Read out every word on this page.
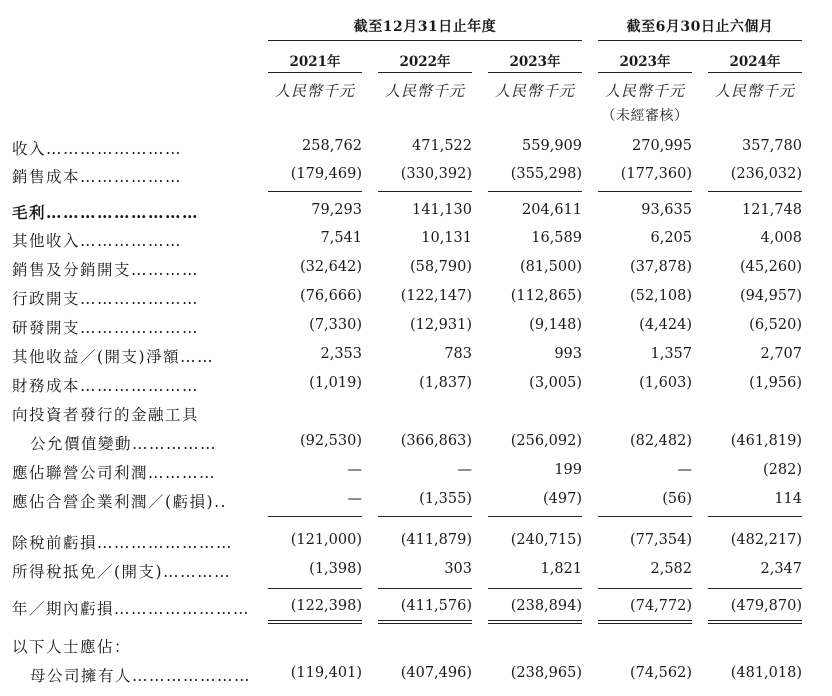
截至12月31日止年度	截至6月30日止六個月
2021年	2022年	2023年	2023年	2024年
人民幣千元	人民幣千元	人民幣千元	人民幣千元	人民幣千元
（未經審核）
收入……………………	258,762	471,522	559,909	270,995	357,780
銷售成本………………	(179,469)	(330,392)	(355,298)	(177,360)	(236,032)
毛利………………………	79,293	141,130	204,611	93,635	121,748
其他收入………………	7,541	10,131	16,589	6,205	4,008
銷售及分銷開支…………	(32,642)	(58,790)	(81,500)	(37,878)	(45,260)
行政開支…………………	(76,666)	(122,147)	(112,865)	(52,108)	(94,957)
研發開支…………………	(7,330)	(12,931)	(9,148)	(4,424)	(6,520)
其他收益／(開支)淨額……	2,353	783	993	1,357	2,707
財務成本…………………	(1,019)	(1,837)	(3,005)	(1,603)	(1,956)
向投資者發行的金融工具
公允價值變動……………	(92,530)	(366,863)	(256,092)	(82,482)	(461,819)
應佔聯營公司利潤…………	—	—	199	—	(282)
應佔合營企業利潤／(虧損)..	—	(1,355)	(497)	(56)	114
除稅前虧損……………………	(121,000)	(411,879)	(240,715)	(77,354)	(482,217)
所得稅抵免／(開支)…………	(1,398)	303	1,821	2,582	2,347
年／期內虧損……………………	(122,398)	(411,576)	(238,894)	(74,772)	(479,870)
以下人士應佔：
母公司擁有人…………………	(119,401)	(407,496)	(238,965)	(74,562)	(481,018)
